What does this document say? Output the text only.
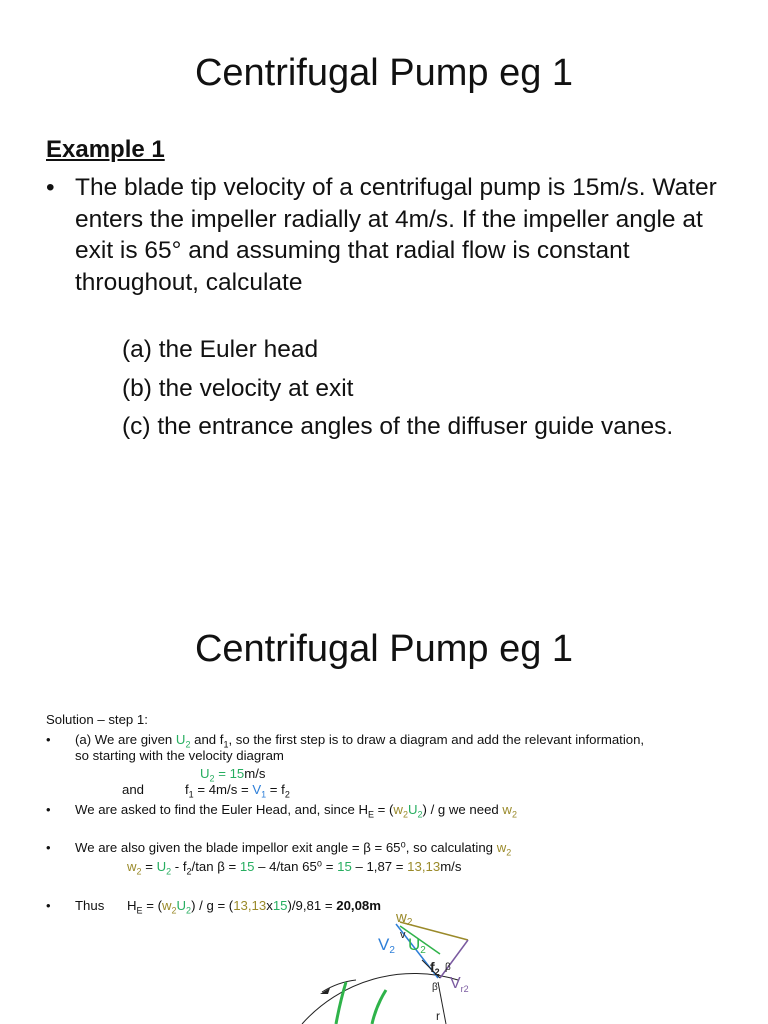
Centrifugal Pump eg 1
Example 1
• The blade tip velocity of a centrifugal pump is 15m/s. Water enters the impeller radially at 4m/s. If the impeller angle at exit is 65° and assuming that radial flow is constant throughout, calculate
(a) the Euler head
(b) the velocity at exit
(c) the entrance angles of the diffuser guide vanes.
Centrifugal Pump eg 1
Solution – step 1:
• (a) We are given $U_2$ and $f_1$, so the first step is to draw a diagram and add the relevant information,
so starting with the velocity diagram
$U_2 = 15m/s$
and	$f_1 = 4m/s = V_1 = f_2$
• We are asked to find the Euler Head, and, since $H_E = (w_2U_2) / g$ we need $w_2$
• We are also given the blade impellor exit angle = β = 65⁰, so calculating $w_2$
$w_2 = U_2 - f_2/\tan$ β = 15 – 4/tan 65⁰ = 15 – 1,87 = 13,13m/s
• Thus $H_E = (w_2U_2) / g = (13,13x15)/9,81 = 20,08m$
$w_2$
v
V2 U2
$f_2$ β
β $V_{r2}$
r
